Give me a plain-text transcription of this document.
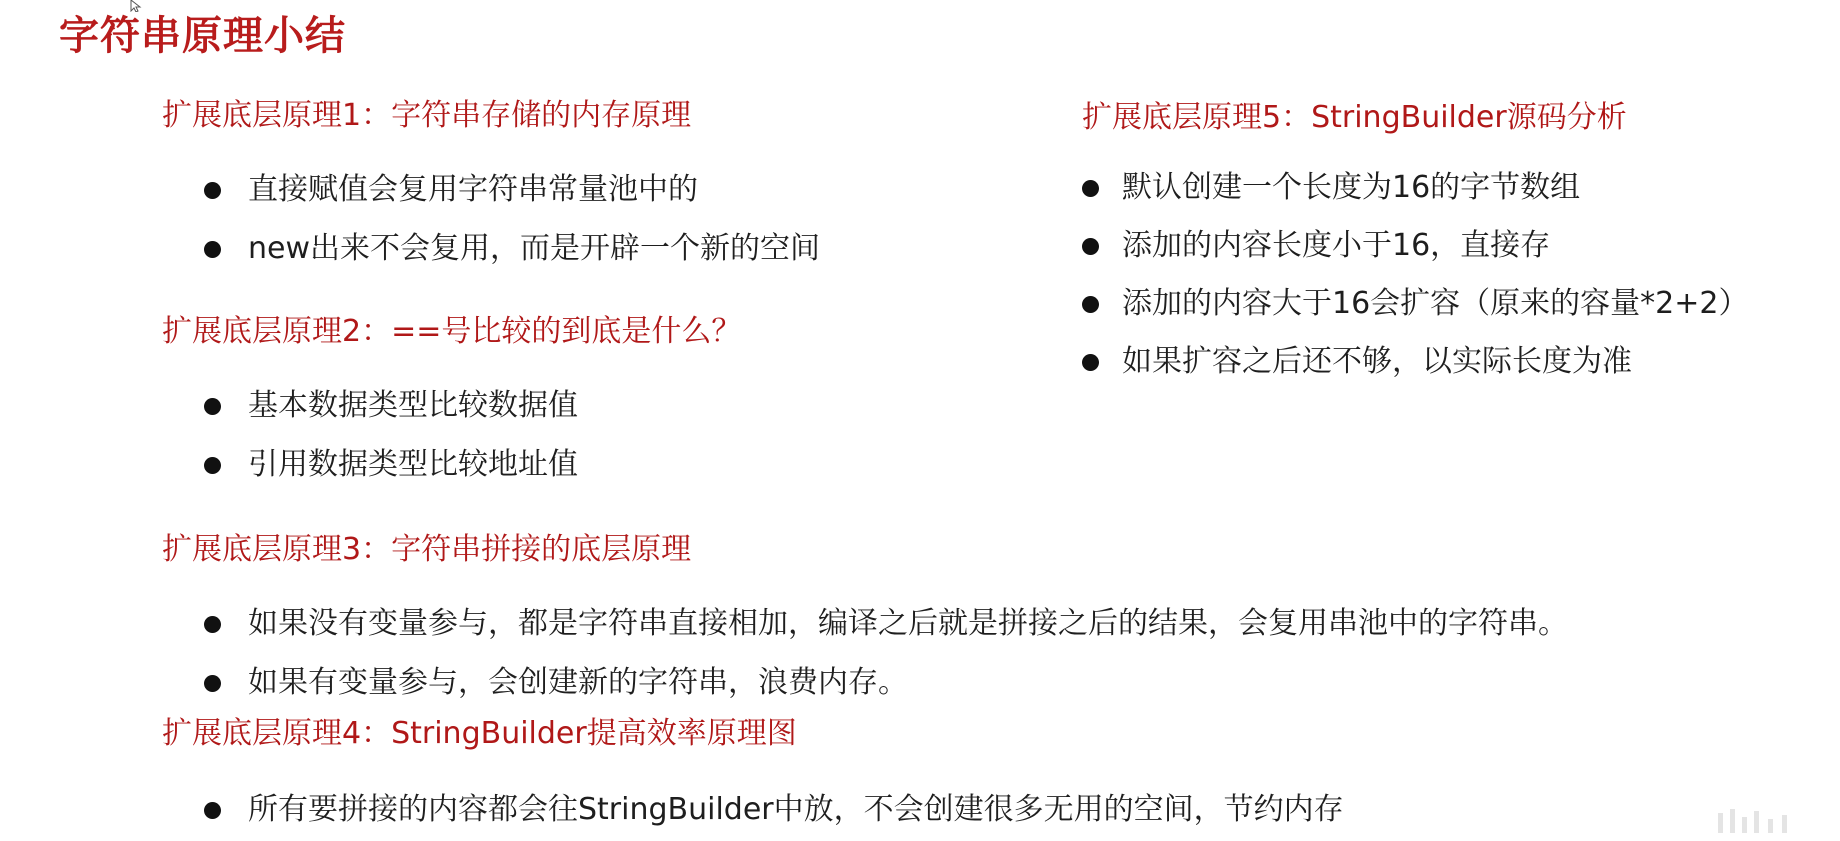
字符串原理小结
扩展底层原理1：字符串存储的内存原理
直接赋值会复用字符串常量池中的
new出来不会复用，而是开辟一个新的空间
扩展底层原理2：==号比较的到底是什么？
基本数据类型比较数据值
引用数据类型比较地址值
扩展底层原理3：字符串拼接的底层原理
如果没有变量参与，都是字符串直接相加，编译之后就是拼接之后的结果，会复用串池中的字符串。
如果有变量参与，会创建新的字符串，浪费内存。
扩展底层原理4：StringBuilder提高效率原理图
所有要拼接的内容都会往StringBuilder中放，不会创建很多无用的空间，节约内存
扩展底层原理5：StringBuilder源码分析
默认创建一个长度为16的字节数组
添加的内容长度小于16，直接存
添加的内容大于16会扩容（原来的容量*2+2）
如果扩容之后还不够，以实际长度为准
